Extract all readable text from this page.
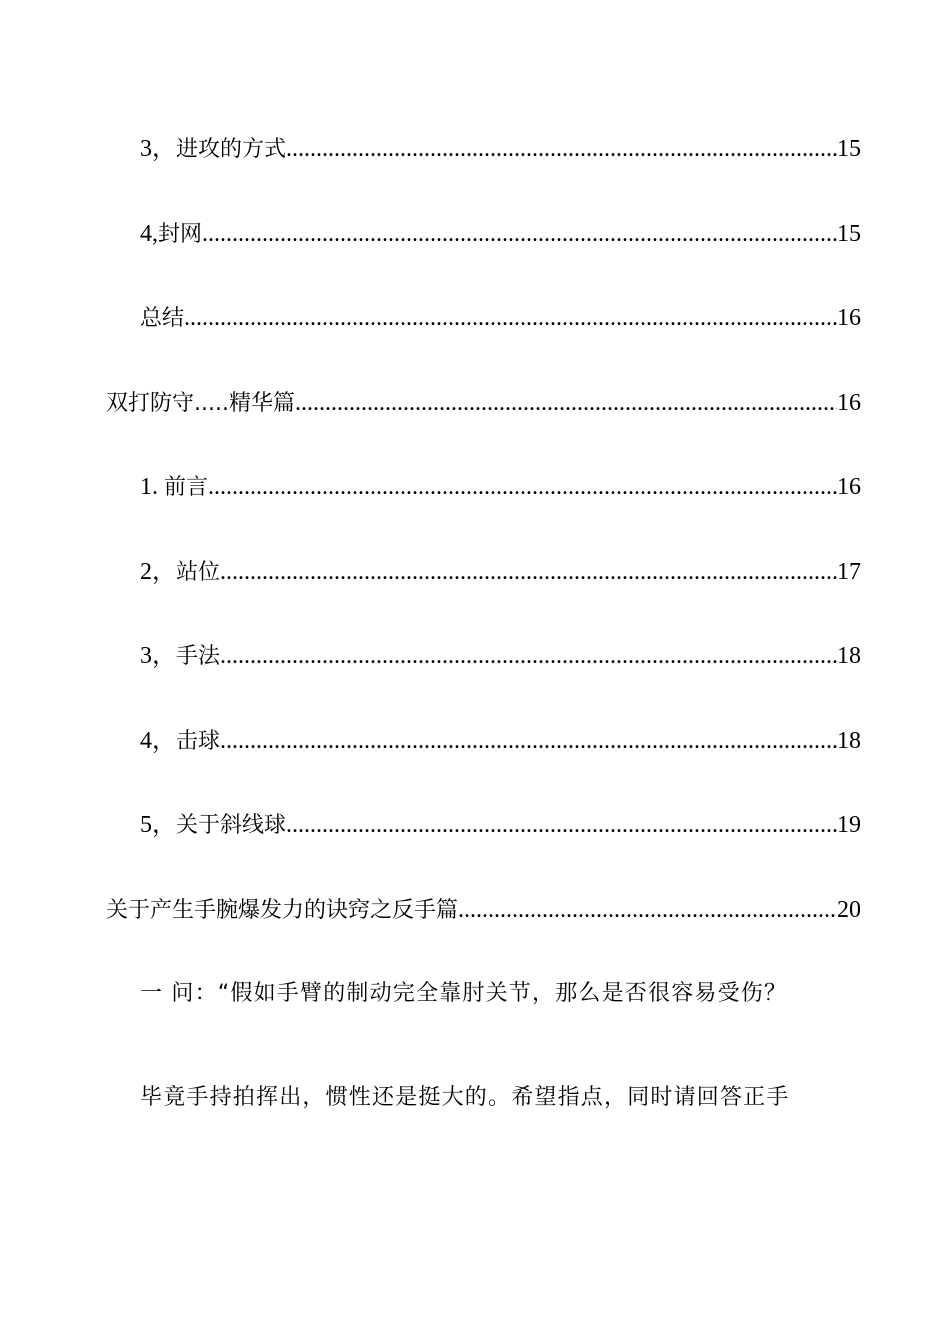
3，进攻的方式 .....	15
4,封网 .....	15
总结 .....	16
双打防守.....精华篇 .....	16
1. 前言 .....	16
2，站位 .....	17
3，手法 .....	18
4，击球 .....	18
5，关于斜线球 .....	19
关于产生手腕爆发力的诀窍之反手篇 .....	20
一 问：“假如手臂的制动完全靠肘关节，那么是否很容易受伤？
毕竟手持拍挥出，惯性还是挺大的。希望指点，同时请回答正手
